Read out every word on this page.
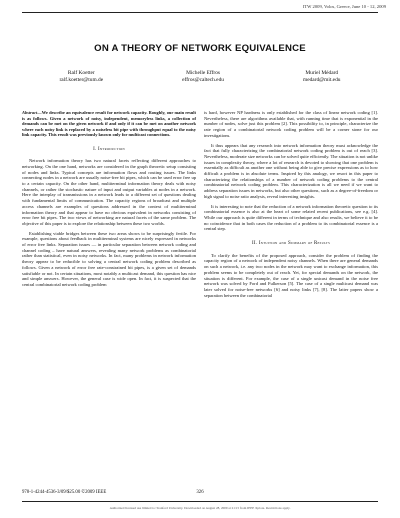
ITW 2009, Volos, Greece, June 10 - 12, 2009
ON A THEORY OF NETWORK EQUIVALENCE
Ralf Koetter
ralf.koetter@tum.de
Michelle Effros
effros@caltech.edu
Muriel Médard
medard@mit.edu

Abstract—We describe an equivalence result for network capacity. Roughly, our main result is as follows. Given a network of noisy, independent, memoryless links, a collection of demands can be met on the given network if and only if it can be met on another network where each noisy link is replaced by a noiseless bit pipe with throughput equal to the noisy link capacity. This result was previously known only for multicast connections.

I. Introduction

Network information theory has two natural facets reflecting different approaches to networking. On the one hand, networks are considered in the graph theoretic setup consisting of nodes and links. Typical concepts are information flows and routing issues. The links connecting nodes in a network are usually noise-free bit pipes, which can be used error free up to a certain capacity. On the other hand, multiterminal information theory deals with noisy channels, or rather the stochastic nature of input and output variables at nodes in a network. Here the interplay of transmissions in a network leads to a different set of questions dealing with fundamental limits of communication. The capacity regions of broadcast and multiple access channels are examples of questions addressed in the context of multiterminal information theory and that appear to have no obvious equivalent in networks consisting of error free bit pipes. The two views of networking are natural facets of the same problem. The objective of this paper is to explore the relationship between these two worlds.

Establishing viable bridges between these two areas shows to be surprisingly fertile. For example, questions about feedback in multiterminal systems are nicely expressed in networks of error free links. Separation issues — in particular separation between network coding and channel coding – have natural answers, revealing many network problems as combinatorial rather than statistical, even in noisy networks. In fact, many problems in network information theory appear to be reducible to solving a central network coding problem described as follows. Given a network of error free rate-constrained bit pipes, is a given set of demands satisfiable or not. In certain situations, most notably a multicast demand, this question has nice and simple answers. However, the general case is wide open. In fact, it is suspected that the central combinatorial network coding problem

is hard, however NP hardness is only established for the class of linear network coding [1]. Nevertheless, there are algorithms available that, with running time that is exponential in the number of nodes, solve just this problem [2]. This possibility to, in principle, characterize the rate region of a combinatorial network coding problem will be a corner stone for our investigations.

It thus appears that any research into network information theory must acknowledge the fact that fully characterizing the combinatorial network coding problem is out of reach [3]. Nevertheless, moderate size networks can be solved quite efficiently. The situation is not unlike issues in complexity theory, where a lot of research is devoted to showing that one problem is essentially as difficult as another one without being able to give precise expressions as to how difficult a problem is in absolute terms. Inspired by this analogy, we resort in this paper to characterizing the relationships of a number of network coding problems to the central combinatorial network coding problem. This characterization is all we need if we want to address separation issues in networks, but also other questions, such as a degree-of-freedom or high signal to noise ratio analysis, reveal interesting insights.

It is interesting to note that the reduction of a network information theoretic question to its combinatorial essence is also at the heart of some related recent publications, see e.g. [4]. While our approach is quite different in terms of technique and also results, we believe it to be no coincidence that in both cases the reduction of a problem to its combinatorial essence is a central step.

II. Intuition and Summary of Results

To clarify the benefits of the proposed approach, consider the problem of finding the capacity region of a network of independent noisy channels. When there are general demands on such a network, i.e. any two nodes in the network may want to exchange information, this problem seems to be completely out of reach. Yet, for special demands on the network, the situation is different. For example, the case of a single unicast demand in the noise free network was solved by Ford and Fulkerson [5]. The case of a single multicast demand was later solved for noise-free networks [6] and noisy links [7], [8]. The latter papers show a separation between the combinatorial

978-1-4244-4536-3/09/$25.00 ©2009 IEEE	326
Authorized licensed use limited to: Stanford University. Downloaded on August 28, 2009 at 21:15 from IEEE Xplore. Restrictions apply.
